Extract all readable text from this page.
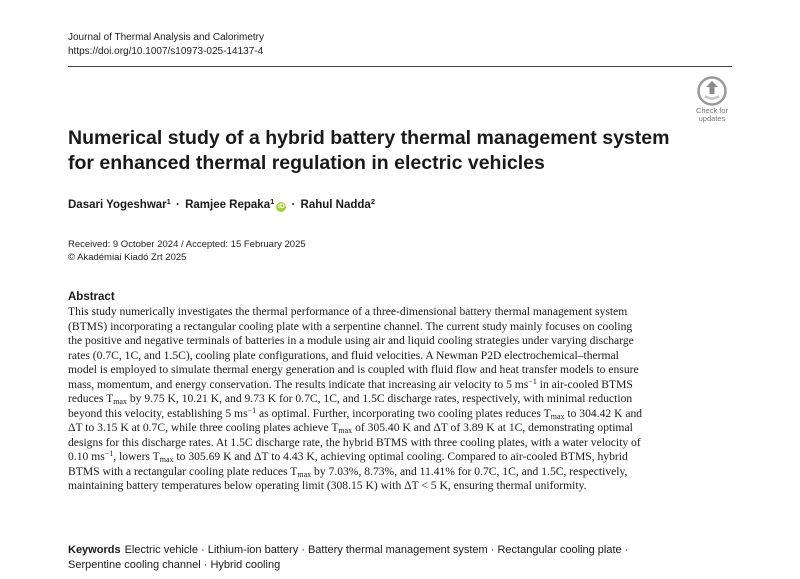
Journal of Thermal Analysis and Calorimetry
https://doi.org/10.1007/s10973-025-14137-4
Check for
updates
Numerical study of a hybrid battery thermal management system
for enhanced thermal regulation in electric vehicles
Dasari Yogeshwar$^1$ · Ramjee Repaka$^1$iD · Rahul Nadda$^2$
Received: 9 October 2024 / Accepted: 15 February 2025
© Akadémiai Kiadó Zrt 2025
Abstract
This study numerically investigates the thermal performance of a three-dimensional battery thermal management system
(BTMS) incorporating a rectangular cooling plate with a serpentine channel. The current study mainly focuses on cooling
the positive and negative terminals of batteries in a module using air and liquid cooling strategies under varying discharge
rates (0.7C, 1C, and 1.5C), cooling plate configurations, and fluid velocities. A Newman P2D electrochemical–thermal
model is employed to simulate thermal energy generation and is coupled with fluid flow and heat transfer models to ensure
mass, momentum, and energy conservation. The results indicate that increasing air velocity to 5 $ms^{-1}$ in air-cooled BTMS
reduces $T_{max}$ by 9.75 K, 10.21 K, and 9.73 K for 0.7C, 1C, and 1.5C discharge rates, respectively, with minimal reduction
beyond this velocity, establishing 5 $ms^{-1}$ as optimal. Further, incorporating two cooling plates reduces $T_{max}$ to 304.42 K and
ΔT to 3.15 K at 0.7C, while three cooling plates achieve $T_{max}$ of 305.40 K and ΔT of 3.89 K at 1C, demonstrating optimal
designs for this discharge rates. At 1.5C discharge rate, the hybrid BTMS with three cooling plates, with a water velocity of
0.10 $ms^{-1}$, lowers $T_{max}$ to 305.69 K and ΔT to 4.43 K, achieving optimal cooling. Compared to air-cooled BTMS, hybrid
BTMS with a rectangular cooling plate reduces $T_{max}$ by 7.03%, 8.73%, and 11.41% for 0.7C, 1C, and 1.5C, respectively,
maintaining battery temperatures below operating limit (308.15 K) with ΔT < 5 K, ensuring thermal uniformity.
Keywords Electric vehicle · Lithium-ion battery · Battery thermal management system · Rectangular cooling plate ·
Serpentine cooling channel · Hybrid cooling
